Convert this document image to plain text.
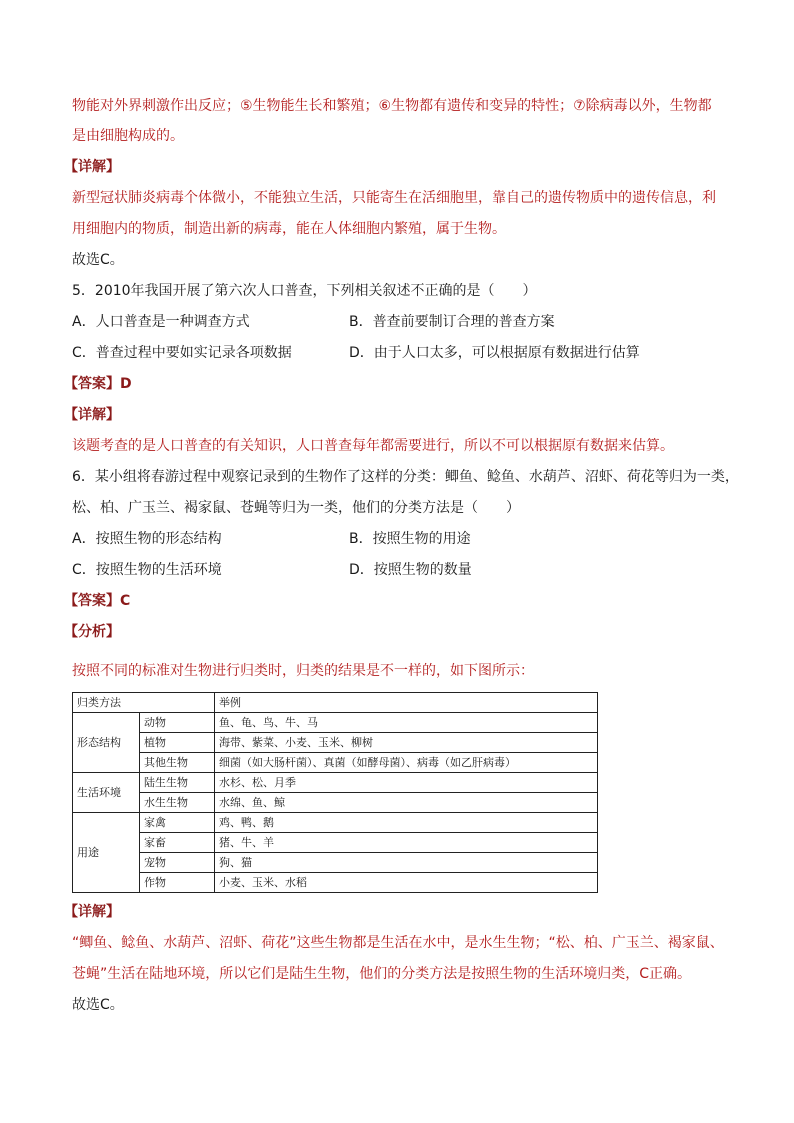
物能对外界刺激作出反应；⑤生物能生长和繁殖；⑥生物都有遗传和变异的特性；⑦除病毒以外，生物都
是由细胞构成的。
【详解】
新型冠状肺炎病毒个体微小，不能独立生活，只能寄生在活细胞里，靠自己的遗传物质中的遗传信息，利
用细胞内的物质，制造出新的病毒，能在人体细胞内繁殖，属于生物。
故选C。
5．2010年我国开展了第六次人口普查，下列相关叙述不正确的是（　　）
A．人口普查是一种调查方式	B．普查前要制订合理的普查方案
C．普查过程中要如实记录各项数据	D．由于人口太多，可以根据原有数据进行估算
【答案】D
【详解】
该题考查的是人口普查的有关知识，人口普查每年都需要进行，所以不可以根据原有数据来估算。
6．某小组将春游过程中观察记录到的生物作了这样的分类：鲫鱼、鲶鱼、水葫芦、沼虾、荷花等归为一类，
松、柏、广玉兰、褐家鼠、苍蝇等归为一类，他们的分类方法是（　　）
A．按照生物的形态结构	B．按照生物的用途
C．按照生物的生活环境	D．按照生物的数量
【答案】C
【分析】
按照不同的标准对生物进行归类时，归类的结果是不一样的，如下图所示：
归类方法		举例
形态结构	动物	鱼、龟、鸟、牛、马
	植物	海带、紫菜、小麦、玉米、柳树
	其他生物	细菌（如大肠杆菌）、真菌（如酵母菌）、病毒（如乙肝病毒）
生活环境	陆生生物	水杉、松、月季
	水生生物	水绵、鱼、鲸
用途	家禽	鸡、鸭、鹅
	家畜	猪、牛、羊
	宠物	狗、猫
	作物	小麦、玉米、水稻
【详解】
“鲫鱼、鲶鱼、水葫芦、沼虾、荷花”这些生物都是生活在水中，是水生生物；“松、柏、广玉兰、褐家鼠、
苍蝇”生活在陆地环境，所以它们是陆生生物，他们的分类方法是按照生物的生活环境归类，C正确。
故选C。
